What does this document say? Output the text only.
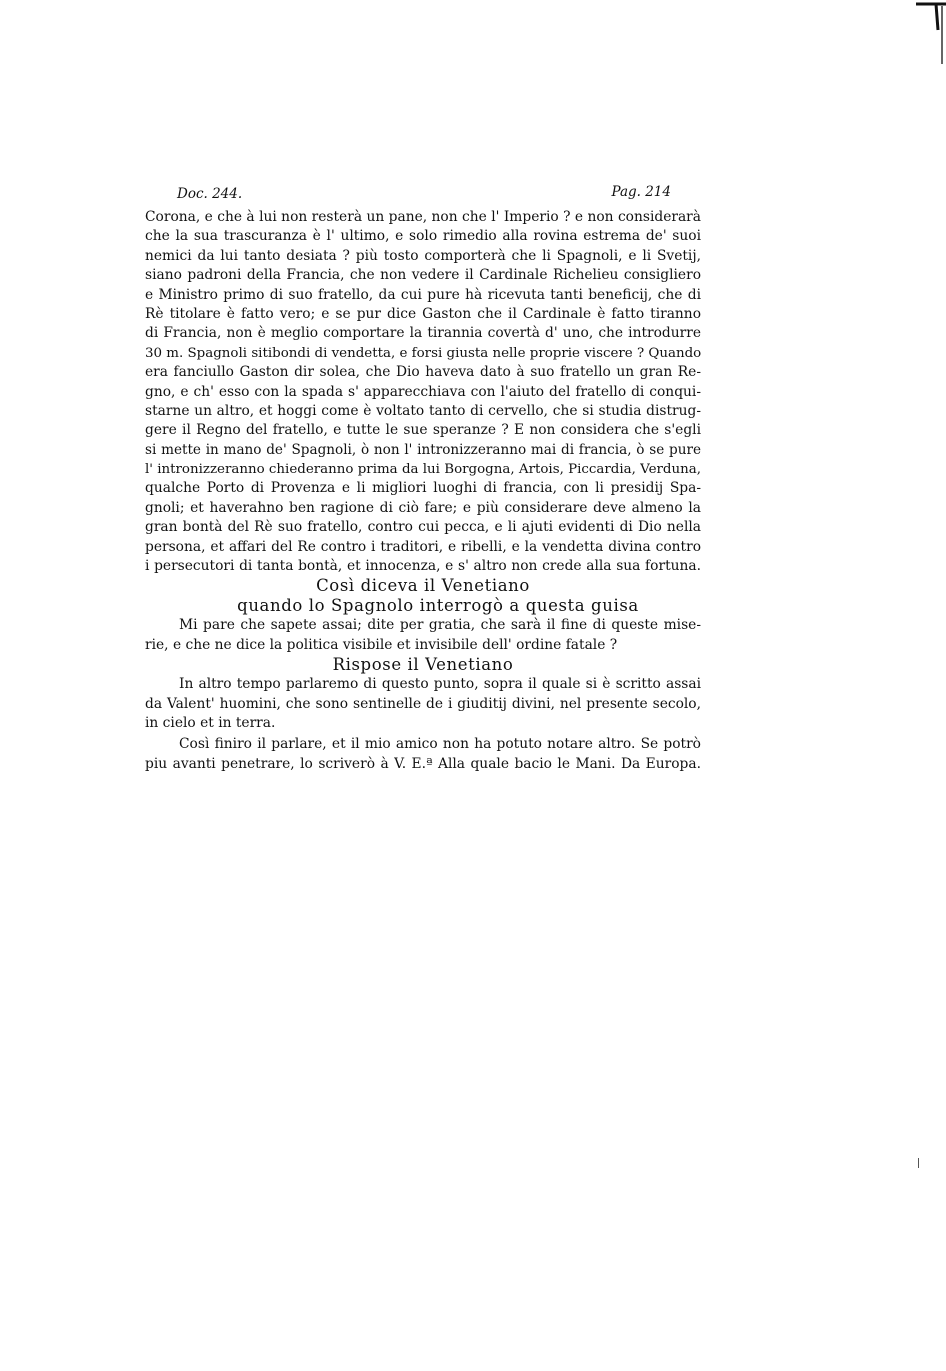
Doc. 244.	Pag. 214
Corona, e che à lui non resterà un pane, non che l' Imperio ? e non considerarà
che la sua trascuranza è l' ultimo, e solo rimedio alla rovina estrema de' suoi
nemici da lui tanto desiata ? più tosto comporterà che li Spagnoli, e li Svetij,
siano padroni della Francia, che non vedere il Cardinale Richelieu consigliero
e Ministro primo di suo fratello, da cui pure hà ricevuta tanti beneficij, che di
Rè titolare è fatto vero; e se pur dice Gaston che il Cardinale è fatto tiranno
di Francia, non è meglio comportare la tirannia covertà d' uno, che introdurre
30 m. Spagnoli sitibondi di vendetta, e forsi giusta nelle proprie viscere ? Quando
era fanciullo Gaston dir solea, che Dio haveva dato à suo fratello un gran Re-
gno, e ch' esso con la spada s' apparecchiava con l'aiuto del fratello di conqui-
starne un altro, et hoggi come è voltato tanto di cervello, che si studia distrug-
gere il Regno del fratello, e tutte le sue speranze ? E non considera che s'egli
si mette in mano de' Spagnoli, ò non l' intronizzeranno mai di francia, ò se pure
l' intronizzeranno chiederanno prima da lui Borgogna, Artois, Piccardia, Verduna,
qualche Porto di Provenza e li migliori luoghi di francia, con li presidij Spa-
gnoli; et haverahno ben ragione di ciò fare; e più considerare deve almeno la
gran bontà del Rè suo fratello, contro cui pecca, e li ajuti evidenti di Dio nella
persona, et affari del Re contro i traditori, e ribelli, e la vendetta divina contro
i persecutori di tanta bontà, et innocenza, e s' altro non crede alla sua fortuna.
Così diceva il Venetiano
quando lo Spagnolo interrogò a questa guisa
Mi pare che sapete assai; dite per gratia, che sarà il fine di queste mise-
rie, e che ne dice la politica visibile et invisibile dell' ordine fatale ?
Rispose il Venetiano
In altro tempo parlaremo di questo punto, sopra il quale si è scritto assai
da Valent' huomini, che sono sentinelle de i giuditij divini, nel presente secolo,
in cielo et in terra.
Così finiro il parlare, et il mio amico non ha potuto notare altro. Se potrò
piu avanti penetrare, lo scriverò à V. E.ª Alla quale bacio le Mani. Da Europa.
